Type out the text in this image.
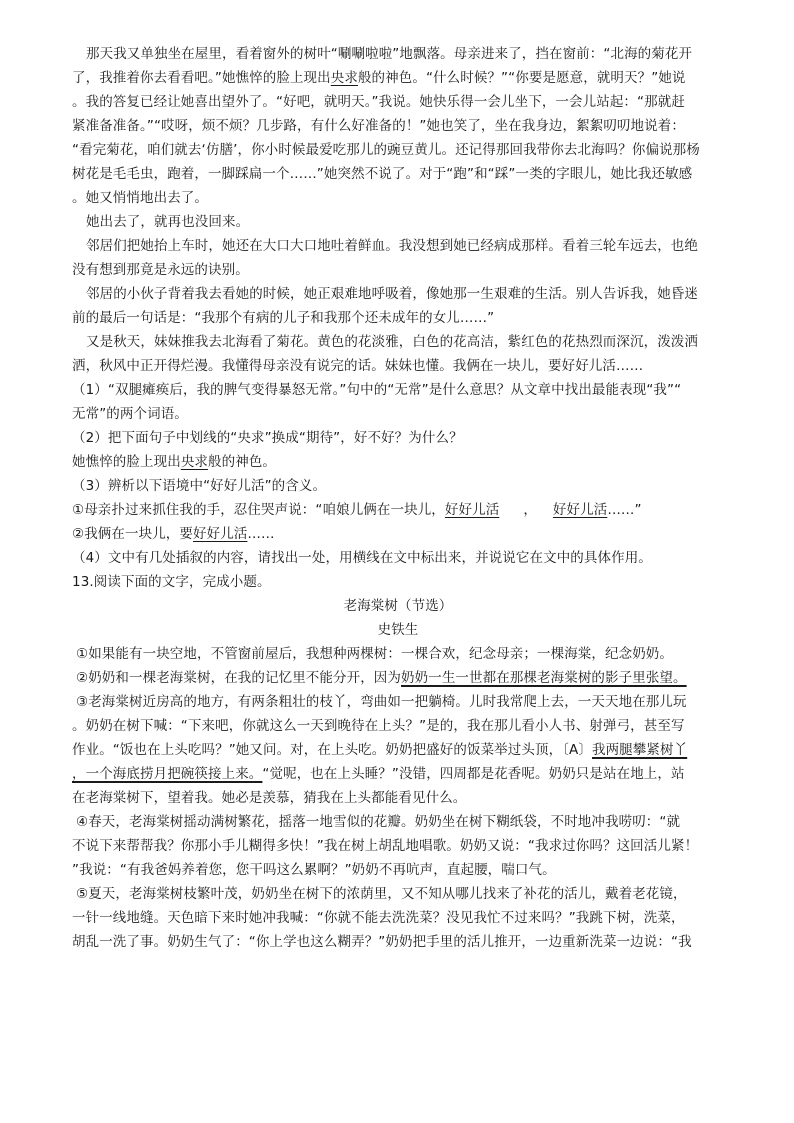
那天我又单独坐在屋里，看着窗外的树叶“唰唰啦啦”地飘落。母亲进来了，挡在窗前：“北海的菊花开
了，我推着你去看看吧。”她憔悴的脸上现出央求般的神色。“什么时候？”“你要是愿意，就明天？”她说
。我的答复已经让她喜出望外了。“好吧，就明天。”我说。她快乐得一会儿坐下，一会儿站起：“那就赶
紧准备准备。”“哎呀，烦不烦？几步路，有什么好准备的！”她也笑了，坐在我身边，絮絮叨叨地说着：
“看完菊花，咱们就去‘仿膳’，你小时候最爱吃那儿的豌豆黄儿。还记得那回我带你去北海吗？你偏说那杨
树花是毛毛虫，跑着，一脚踩扁一个……”她突然不说了。对于“跑”和“踩”一类的字眼儿，她比我还敏感
。她又悄悄地出去了。
她出去了，就再也没回来。
邻居们把她抬上车时，她还在大口大口地吐着鲜血。我没想到她已经病成那样。看着三轮车远去，也绝
没有想到那竟是永远的诀别。
邻居的小伙子背着我去看她的时候，她正艰难地呼吸着，像她那一生艰难的生活。别人告诉我，她昏迷
前的最后一句话是：“我那个有病的儿子和我那个还未成年的女儿……”
又是秋天，妹妹推我去北海看了菊花。黄色的花淡雅，白色的花高洁，紫红色的花热烈而深沉，泼泼洒
洒，秋风中正开得烂漫。我懂得母亲没有说完的话。妹妹也懂。我俩在一块儿，要好好儿活……
（1）“双腿瘫痪后，我的脾气变得暴怒无常。”句中的“无常”是什么意思？从文章中找出最能表现“我”“
无常”的两个词语。
（2）把下面句子中划线的“央求”换成“期待”，好不好？为什么？
她憔悴的脸上现出央求般的神色。
（3）辨析以下语境中“好好儿活”的含义。
①母亲扑过来抓住我的手，忍住哭声说：“咱娘儿俩在一块儿，好好儿活 ， 好好儿活……”
②我俩在一块儿，要好好儿活……
（4）文中有几处插叙的内容，请找出一处，用横线在文中标出来，并说说它在文中的具体作用。
13.阅读下面的文字，完成小题。
老海棠树（节选）
史铁生
①如果能有一块空地，不管窗前屋后，我想种两棵树：一棵合欢，纪念母亲；一棵海棠，纪念奶奶。
②奶奶和一棵老海棠树，在我的记忆里不能分开，因为奶奶一生一世都在那棵老海棠树的影子里张望。
③老海棠树近房高的地方，有两条粗壮的枝丫，弯曲如一把躺椅。儿时我常爬上去，一天天地在那儿玩
。奶奶在树下喊：“下来吧，你就这么一天到晚待在上头？”是的，我在那儿看小人书、射弹弓，甚至写
作业。“饭也在上头吃吗？”她又问。对，在上头吃。奶奶把盛好的饭菜举过头顶，〔A〕我两腿攀紧树丫
，一个海底捞月把碗筷接上来。“觉呢，也在上头睡？”没错，四周都是花香呢。奶奶只是站在地上，站
在老海棠树下，望着我。她必是羡慕，猜我在上头都能看见什么。
④春天，老海棠树摇动满树繁花，摇落一地雪似的花瓣。奶奶坐在树下糊纸袋，不时地冲我唠叨：“就
不说下来帮帮我？你那小手儿糊得多快！”我在树上胡乱地唱歌。奶奶又说：“我求过你吗？这回活儿紧！
”我说：“有我爸妈养着您，您干吗这么累啊？”奶奶不再吭声，直起腰，喘口气。
⑤夏天，老海棠树枝繁叶茂，奶奶坐在树下的浓荫里，又不知从哪儿找来了补花的活儿，戴着老花镜，
一针一线地缝。天色暗下来时她冲我喊：“你就不能去洗洗菜？没见我忙不过来吗？”我跳下树，洗菜，
胡乱一洗了事。奶奶生气了：“你上学也这么糊弄？”奶奶把手里的活儿推开，一边重新洗菜一边说：“我
